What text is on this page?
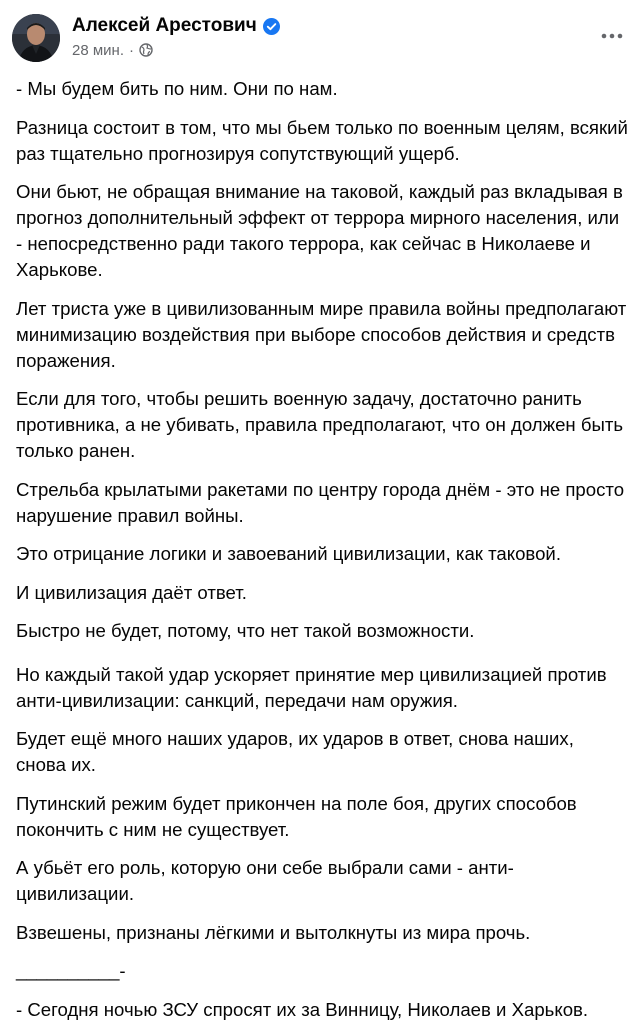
Алексей Арестович
28 мин. ·

- Мы будем бить по ним. Они по нам.

Разница состоит в том, что мы бьем только по военным целям, всякий раз тщательно прогнозируя сопутствующий ущерб.

Они бьют, не обращая внимание на таковой, каждый раз вкладывая в прогноз дополнительный эффект от террора мирного населения, или - непосредственно ради такого террора, как сейчас в Николаеве и Харькове.

Лет триста уже в цивилизованным мире правила войны предполагают минимизацию воздействия при выборе способов действия и средств поражения.

Если для того, чтобы решить военную задачу, достаточно ранить противника, а не убивать, правила предполагают, что он должен быть только ранен.

Стрельба крылатыми ракетами по центру города днём - это не просто нарушение правил войны.

Это отрицание логики и завоеваний цивилизации, как таковой.

И цивилизация даёт ответ.

Быстро не будет, потому, что нет такой возможности.

Но каждый такой удар ускоряет принятие мер цивилизацией против анти-цивилизации: санкций, передачи нам оружия.

Будет ещё много наших ударов, их ударов в ответ, снова наших, снова их.

Путинский режим будет прикончен на поле боя, других способов покончить с ним не существует.

А убьёт его роль, которую они себе выбрали сами - анти-цивилизации.

Взвешены, признаны лёгкими и вытолкнуты из мира прочь.

__________-

- Сегодня ночью ЗСУ спросят их за Винницу, Николаев и Харьков.
